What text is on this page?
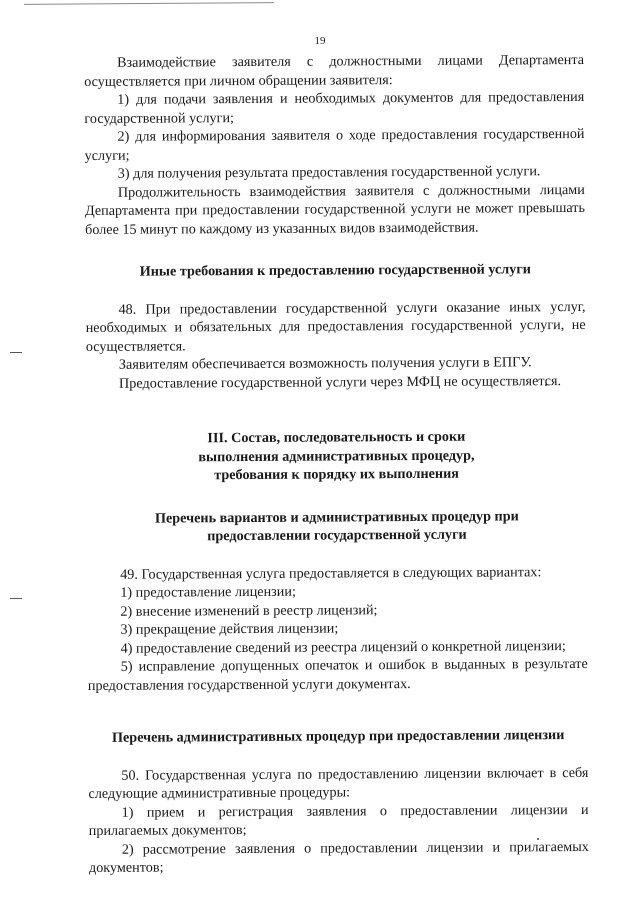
19

Взаимодействие заявителя с должностными лицами Департамента

осуществляется при личном обращении заявителя:

1) для подачи заявления и необходимых документов для предоставления государственной услуги;

2) для информирования заявителя о ходе предоставления государственной услуги;

3) для получения результата предоставления государственной услуги.

Продолжительность взаимодействия заявителя с должностными лицами Департамента при предоставлении государственной услуги не может превышать более 15 минут по каждому из указанных видов взаимодействия.

Иные требования к предоставлению государственной услуги

48. При предоставлении государственной услуги оказание иных услуг, необходимых и обязательных для предоставления государственной услуги, не осуществляется.

Заявителям обеспечивается возможность получения услуги в ЕПГУ.

Предоставление государственной услуги через МФЦ не осуществляется.

III. Состав, последовательность и сроки
выполнения административных процедур,
требования к порядку их выполнения
Перечень вариантов и административных процедур при
предоставлении государственной услуги

49. Государственная услуга предоставляется в следующих вариантах:

1) предоставление лицензии;

2) внесение изменений в реестр лицензий;

3) прекращение действия лицензии;

4) предоставление сведений из реестра лицензий о конкретной лицензии;

5) исправление допущенных опечаток и ошибок в выданных в результате предоставления государственной услуги документах.

Перечень административных процедур при предоставлении лицензии

50. Государственная услуга по предоставлению лицензии включает в себя следующие административные процедуры:

1) прием и регистрация заявления о предоставлении лицензии и прилагаемых документов;

2) рассмотрение заявления о предоставлении лицензии и прилагаемых документов;
